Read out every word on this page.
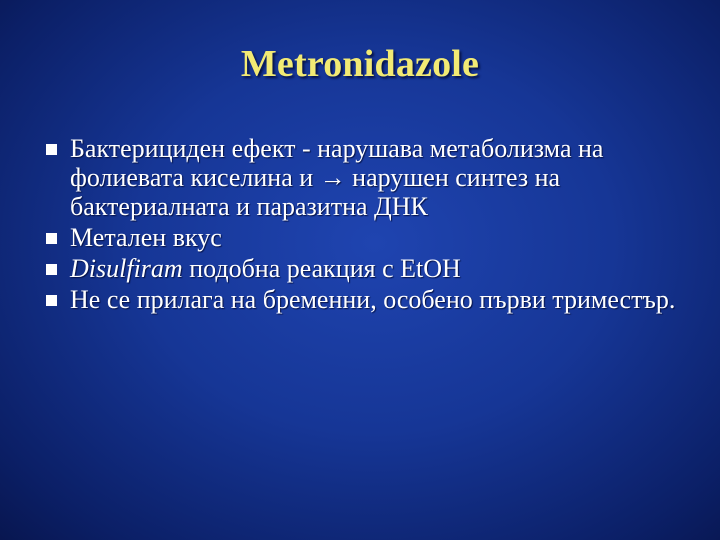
Metronidazole
Бактерициден ефект - нарушава метаболизма на фолиевата киселина и → нарушен синтез на бактериалната и паразитна ДНК
Метален вкус
Disulfiram подобна реакция с EtOH
Не се прилага на бременни, особено първи триместър.
